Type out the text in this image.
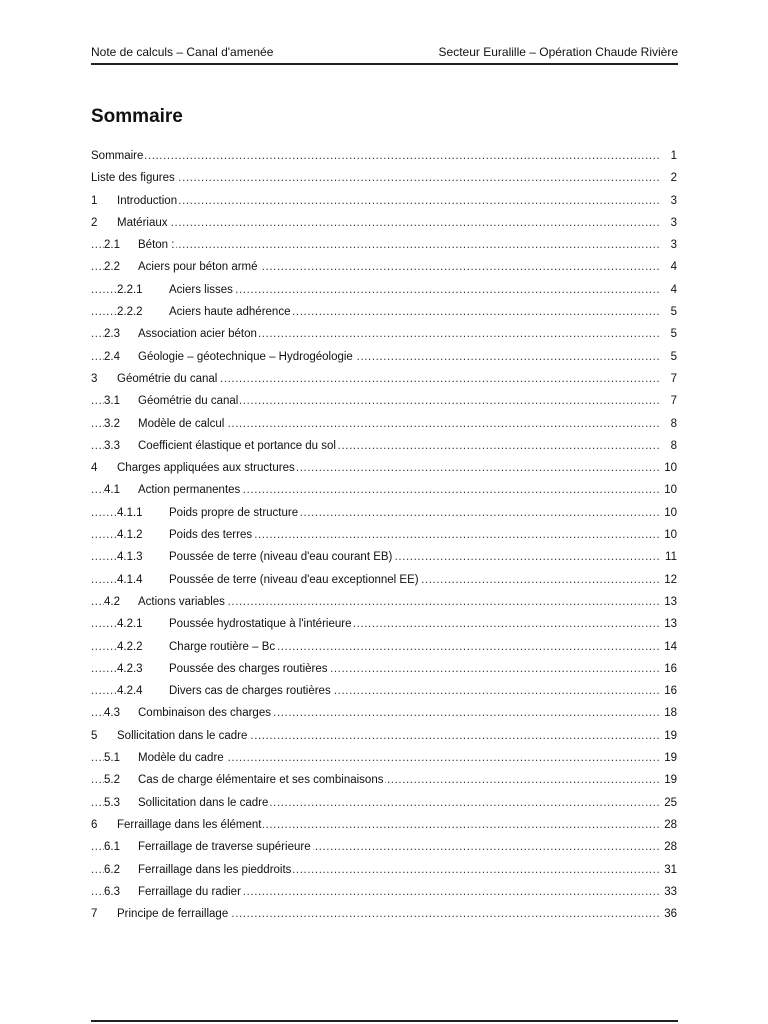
Note de calculs – Canal d'amenée	Secteur Euralille – Opération Chaude Rivière
Sommaire
.....
Sommaire	1
.....
Liste des figures	2
.....
1 Introduction	3
.....
2 Matériaux	3
.....
2.1 Béton :	3
.....
2.2 Aciers pour béton armé	4
.....
2.2.1 Aciers lisses	4
.....
2.2.2 Aciers haute adhérence	5
.....
2.3 Association acier béton	5
.....
2.4 Géologie – géotechnique – Hydrogéologie	5
.....
3 Géométrie du canal	7
.....
3.1 Géométrie du canal	7
.....
3.2 Modèle de calcul	8
.....
3.3 Coefficient élastique et portance du sol	8
.....
4 Charges appliquées aux structures	10
.....
4.1 Action permanentes	10
.....
4.1.1 Poids propre de structure	10
.....
4.1.2 Poids des terres	10
.....
4.1.3 Poussée de terre (niveau d'eau courant EB)	11
.....
4.1.4 Poussée de terre (niveau d'eau exceptionnel EE)	12
.....
4.2 Actions variables	13
.....
4.2.1 Poussée hydrostatique à l'intérieure	13
.....
4.2.2 Charge routière – Bc	14
.....
4.2.3 Poussée des charges routières	16
.....
4.2.4 Divers cas de charges routières	16
.....
4.3 Combinaison des charges	18
.....
5 Sollicitation dans le cadre	19
.....
5.1 Modèle du cadre	19
.....
5.2 Cas de charge élémentaire et ses combinaisons	19
.....
5.3 Sollicitation dans le cadre	25
.....
6 Ferraillage dans les élément	28
.....
6.1 Ferraillage de traverse supérieure	28
.....
6.2 Ferraillage dans les pieddroits	31
.....
6.3 Ferraillage du radier	33
.....
7 Principe de ferraillage	36
